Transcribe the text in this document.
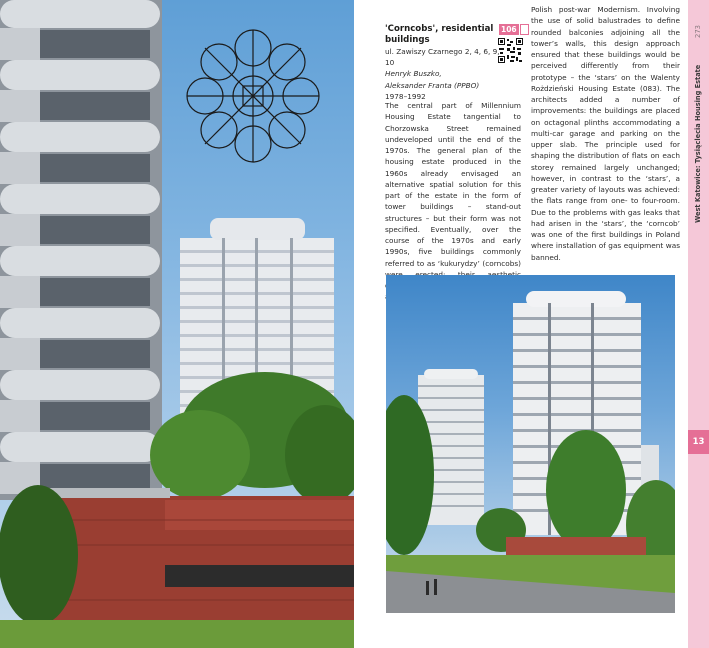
'Corncobs', residential buildings
106
ul. Zawiszy Czarnego 2, 4, 6, 9, 10
Henryk Buszko,
Aleksander Franta (PPBO)
1978–1992
The central part of Millennium Housing Estate tangential to Chorzowska Street remained undeveloped until the end of the 1970s. The general plan of the housing estate produced in the 1960s already envisaged an alternative spatial solution for this part of the estate in the form of tower buildings – stand-out structures – but their form was not specified. Eventually, over the course of the 1970s and early 1990s, five buildings commonly referred to as ‘kukurydzy’ (corncobs)
Polish post-war Modernism. Involving the use of solid balustrades to define rounded balconies adjoining all the tower’s walls, this design approach ensured that these buildings would be perceived differently from their prototype – the ‘stars’ on the Walenty Rożdzieński Housing Estate (083). The architects added a number of improvements: the buildings are placed on octagonal plinths accommodating a multi-car garage and parking on the upper slab. The principle used for shaping the distribution of flats on each storey remained largely unchanged; however, in contrast to the ‘stars’, a greater variety of layouts was achieved: the flats range from one- to four-room. Due to the problems with gas leaks that had arisen in the ‘stars’, the ‘corncob’ was one of the first buildings in Poland where installation of gas equipment was banned.
273
West Katowice: Tysiąclecia Housing Estate
13
